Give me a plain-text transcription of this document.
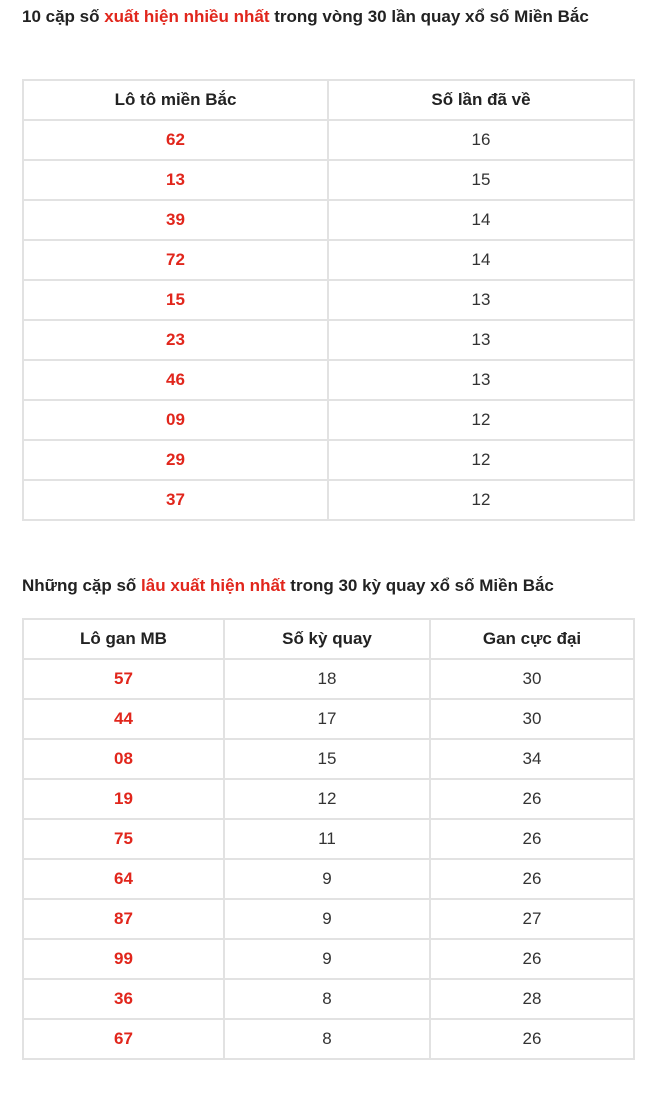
10 cặp số xuất hiện nhiều nhất trong vòng 30 lần quay xổ số Miền Bắc
Lô tô miền Bắc	Số lần đã về
62	16
13	15
39	14
72	14
15	13
23	13
46	13
09	12
29	12
37	12
Những cặp số lâu xuất hiện nhất trong 30 kỳ quay xổ số Miền Bắc
Lô gan MB	Số kỳ quay	Gan cực đại
57	18	30
44	17	30
08	15	34
19	12	26
75	11	26
64	9	26
87	9	27
99	9	26
36	8	28
67	8	26
